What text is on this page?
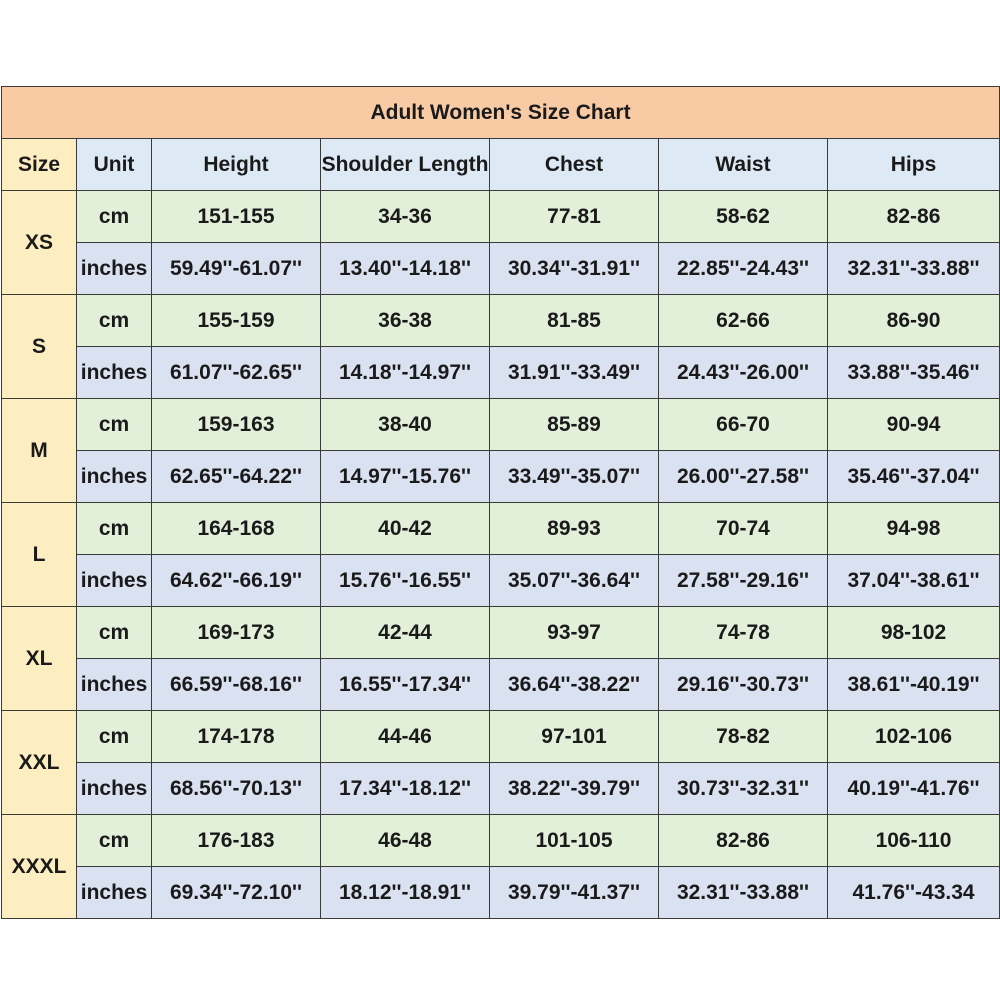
Adult Women's Size Chart						
Size	Unit	Height	Shoulder Length	Chest	Waist	Hips
XS	cm	151-155	34-36	77-81	58-62	82-86
	inches	59.49''-61.07''	13.40''-14.18''	30.34''-31.91''	22.85''-24.43''	32.31''-33.88''
S	cm	155-159	36-38	81-85	62-66	86-90
	inches	61.07''-62.65''	14.18''-14.97''	31.91''-33.49''	24.43''-26.00''	33.88''-35.46''
M	cm	159-163	38-40	85-89	66-70	90-94
	inches	62.65''-64.22''	14.97''-15.76''	33.49''-35.07''	26.00''-27.58''	35.46''-37.04''
L	cm	164-168	40-42	89-93	70-74	94-98
	inches	64.62''-66.19''	15.76''-16.55''	35.07''-36.64''	27.58''-29.16''	37.04''-38.61''
XL	cm	169-173	42-44	93-97	74-78	98-102
	inches	66.59''-68.16''	16.55''-17.34''	36.64''-38.22''	29.16''-30.73''	38.61''-40.19''
XXL	cm	174-178	44-46	97-101	78-82	102-106
	inches	68.56''-70.13''	17.34''-18.12''	38.22''-39.79''	30.73''-32.31''	40.19''-41.76''
XXXL	cm	176-183	46-48	101-105	82-86	106-110
	inches	69.34''-72.10''	18.12''-18.91''	39.79''-41.37''	32.31''-33.88''	41.76''-43.34
